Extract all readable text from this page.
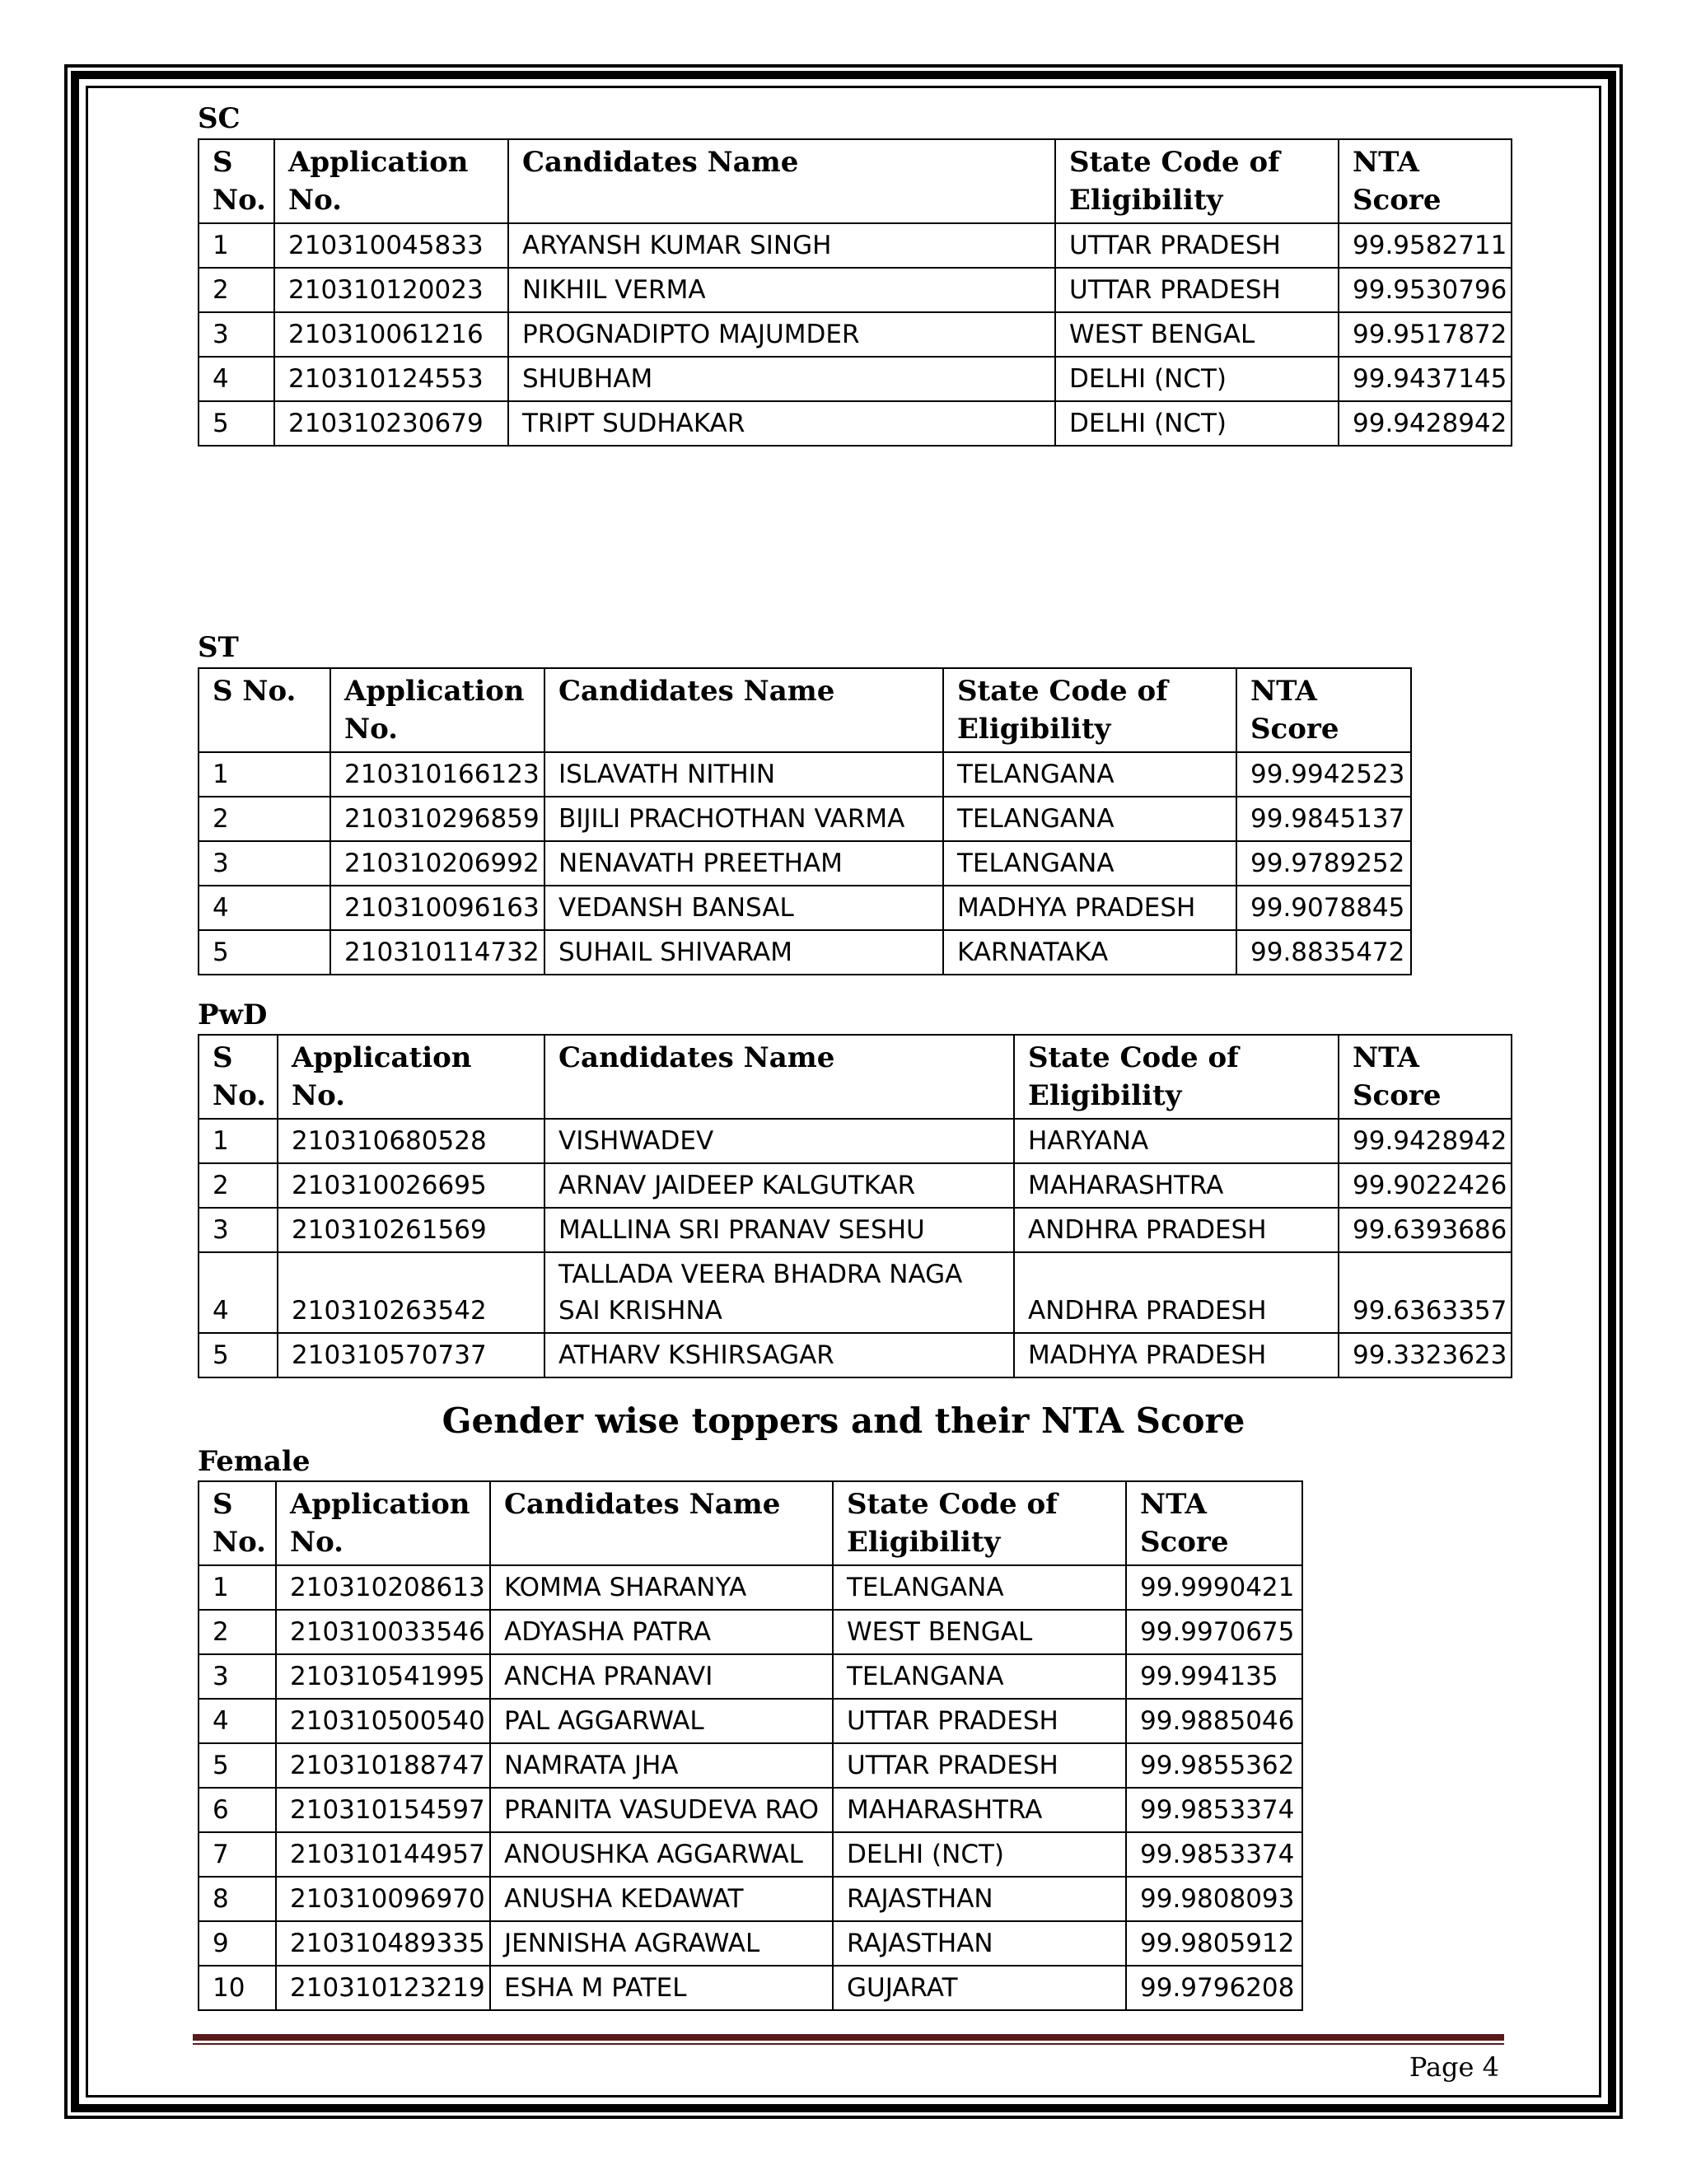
SC
S No.	Application No.	Candidates Name	State Code of Eligibility	NTA Score
1	210310045833	ARYANSH KUMAR SINGH	UTTAR PRADESH	99.9582711
2	210310120023	NIKHIL VERMA	UTTAR PRADESH	99.9530796
3	210310061216	PROGNADIPTO MAJUMDER	WEST BENGAL	99.9517872
4	210310124553	SHUBHAM	DELHI (NCT)	99.9437145
5	210310230679	TRIPT SUDHAKAR	DELHI (NCT)	99.9428942
ST
S No.	Application No.	Candidates Name	State Code of Eligibility	NTA Score
1	210310166123	ISLAVATH NITHIN	TELANGANA	99.9942523
2	210310296859	BIJILI PRACHOTHAN VARMA	TELANGANA	99.9845137
3	210310206992	NENAVATH PREETHAM	TELANGANA	99.9789252
4	210310096163	VEDANSH BANSAL	MADHYA PRADESH	99.9078845
5	210310114732	SUHAIL SHIVARAM	KARNATAKA	99.8835472
PwD
S No.	Application No.	Candidates Name	State Code of Eligibility	NTA Score
1	210310680528	VISHWADEV	HARYANA	99.9428942
2	210310026695	ARNAV JAIDEEP KALGUTKAR	MAHARASHTRA	99.9022426
3	210310261569	MALLINA SRI PRANAV SESHU	ANDHRA PRADESH	99.6393686
4	210310263542	TALLADA VEERA BHADRA NAGA SAI KRISHNA	ANDHRA PRADESH	99.6363357
5	210310570737	ATHARV KSHIRSAGAR	MADHYA PRADESH	99.3323623
Gender wise toppers and their NTA Score
Female
S No.	Application No.	Candidates Name	State Code of Eligibility	NTA Score
1	210310208613	KOMMA SHARANYA	TELANGANA	99.9990421
2	210310033546	ADYASHA PATRA	WEST BENGAL	99.9970675
3	210310541995	ANCHA PRANAVI	TELANGANA	99.994135
4	210310500540	PAL AGGARWAL	UTTAR PRADESH	99.9885046
5	210310188747	NAMRATA JHA	UTTAR PRADESH	99.9855362
6	210310154597	PRANITA VASUDEVA RAO	MAHARASHTRA	99.9853374
7	210310144957	ANOUSHKA AGGARWAL	DELHI (NCT)	99.9853374
8	210310096970	ANUSHA KEDAWAT	RAJASTHAN	99.9808093
9	210310489335	JENNISHA AGRAWAL	RAJASTHAN	99.9805912
10	210310123219	ESHA M PATEL	GUJARAT	99.9796208
Page 4
